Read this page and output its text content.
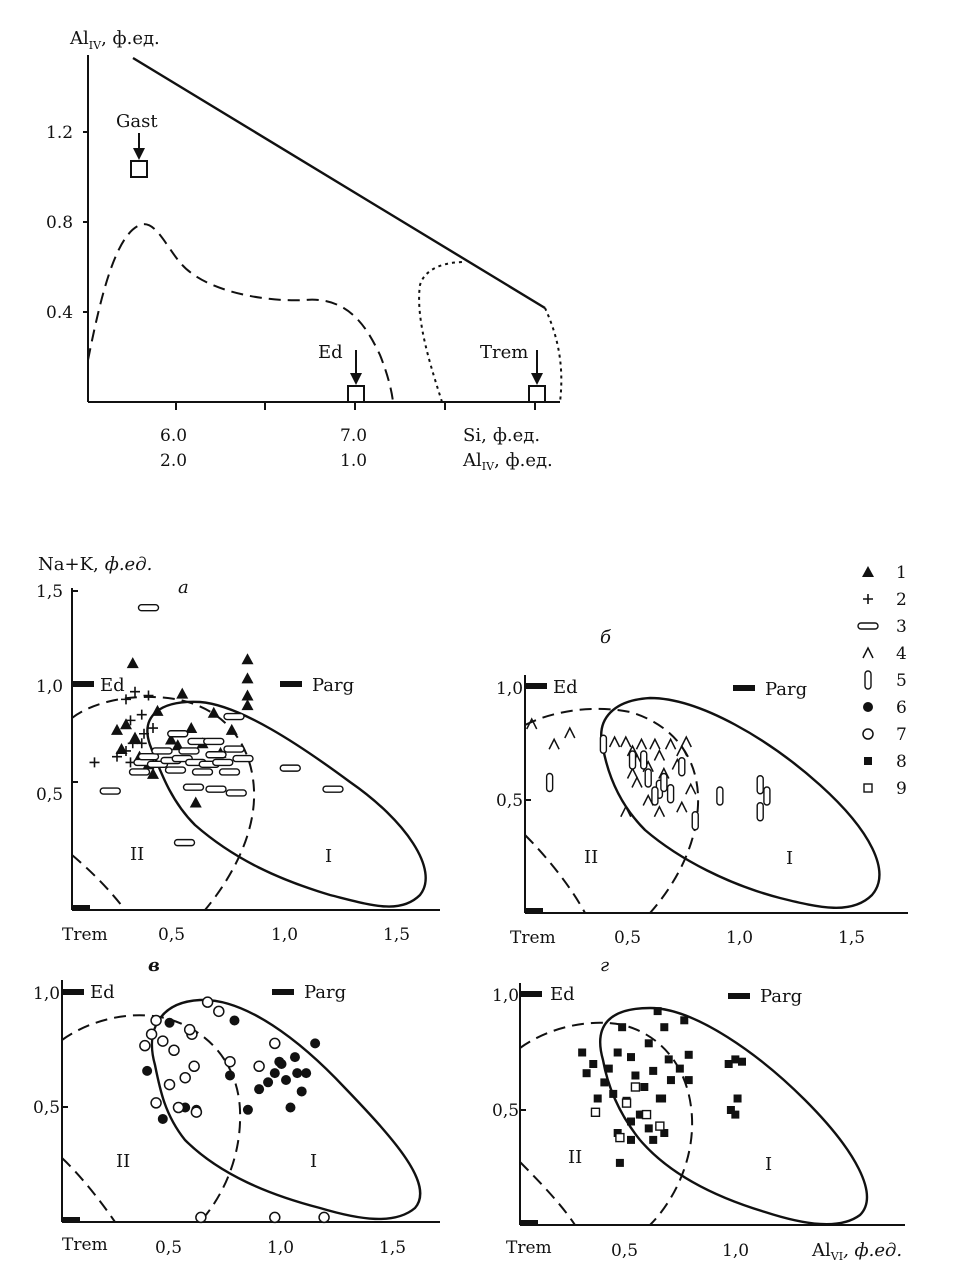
1.2
0.8
0.4
$Al_{IV}$, ф.ед.
6.0	7.0
2.0	1.0
Si, ф.ед.
$Al_{IV}$, ф.ед.
Gast
Ed	Trem
1,5
1,0
0,5
0,5	1,0	1,5
Trem
Na+K, ф.ед.
а
II	I
Ed	Parg	1,0
0,5
0,5	1,0	1,5
Trem
б
II	I
Ed	Parg
1,0
0,5
0,5	1,0	1,5
Trem
в
II	I
Ed	Parg	1,0
0,5
0,5	1,0
Trem	$Al_{VI}$, ф.ед.
г
II	I
Ed	Parg
1
2
3
4
5
6
7
8
9
